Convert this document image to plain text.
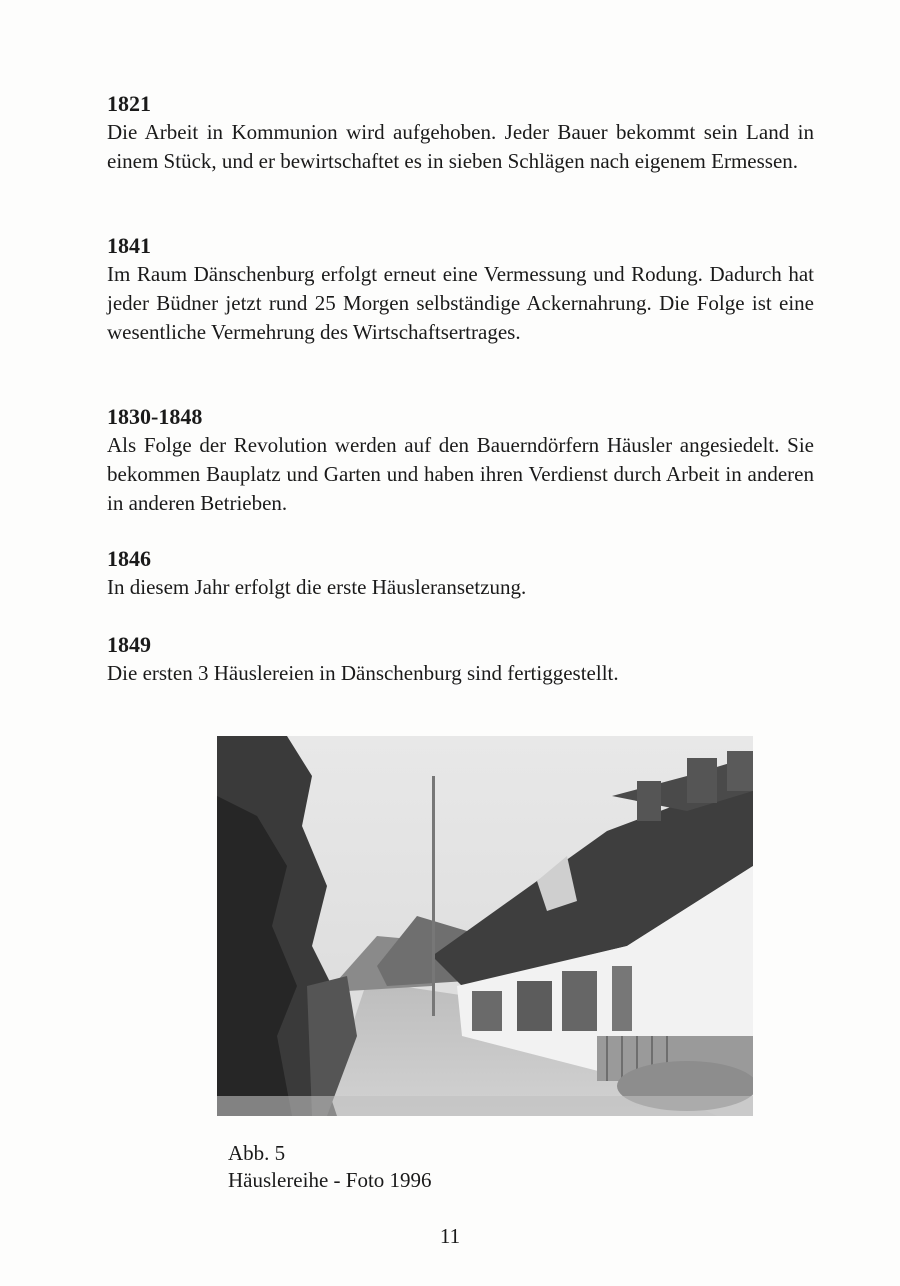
1821

Die Arbeit in Kommunion wird aufgehoben. Jeder Bauer bekommt sein Land in einem Stück, und er bewirtschaftet es in sieben Schlägen nach eigenem Ermessen.

1841

Im Raum Dänschenburg erfolgt erneut eine Vermessung und Rodung. Dadurch hat jeder Büdner jetzt rund 25 Morgen selbständige Ackernahrung. Die Folge ist eine wesentliche Vermehrung des Wirtschaftsertrages.

1830-1848

Als Folge der Revolution werden auf den Bauerndörfern Häusler angesiedelt. Sie bekommen Bauplatz und Garten und haben ihren Verdienst durch Arbeit in anderen in anderen Betrieben.

1846

In diesem Jahr erfolgt die erste Häusleransetzung.

1849

Die ersten 3 Häuslereien in Dänschenburg sind fertiggestellt.

Abb. 5
Häuslereihe - Foto 1996
11
